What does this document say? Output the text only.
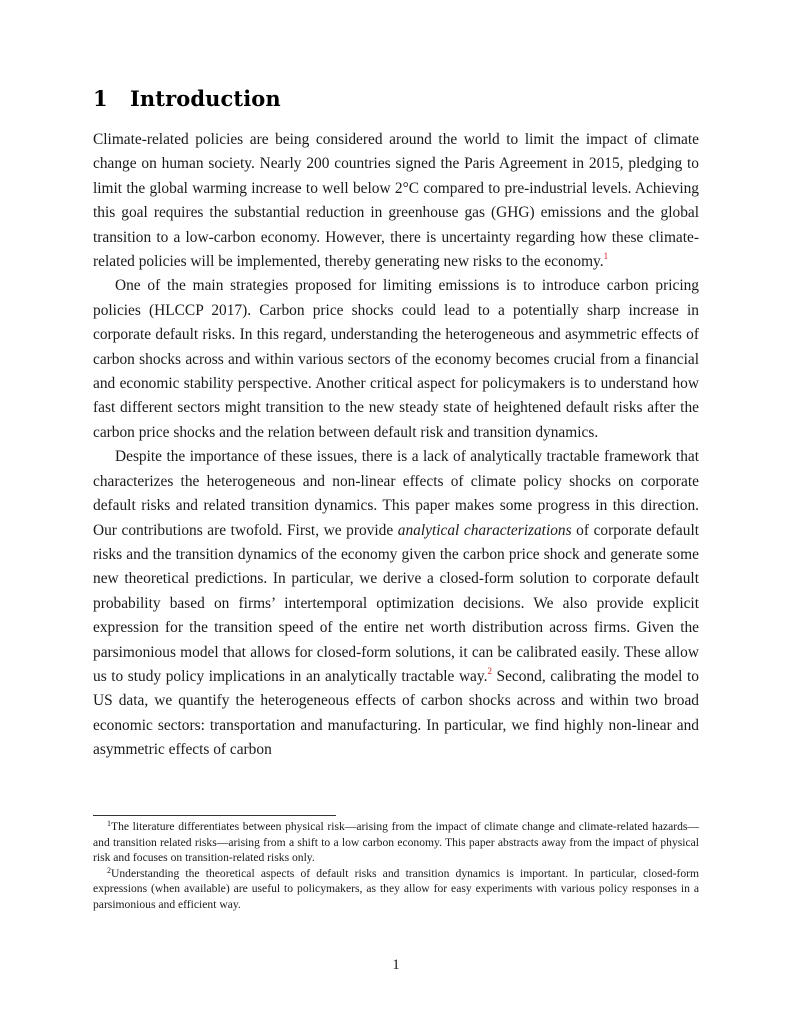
1 Introduction

Climate-related policies are being considered around the world to limit the impact of climate change on human society. Nearly 200 countries signed the Paris Agreement in 2015, pledging to limit the global warming increase to well below 2°C compared to pre-industrial levels. Achieving this goal requires the substantial reduction in greenhouse gas (GHG) emissions and the global transition to a low-carbon economy. However, there is uncertainty regarding how these climate-related policies will be implemented, thereby generating new risks to the economy.$^1$

One of the main strategies proposed for limiting emissions is to introduce carbon pricing policies (HLCCP 2017). Carbon price shocks could lead to a potentially sharp increase in corporate default risks. In this regard, understanding the heterogeneous and asymmetric effects of carbon shocks across and within various sectors of the economy becomes crucial from a financial and economic stability perspective. Another critical aspect for policymakers is to understand how fast different sectors might transition to the new steady state of heightened default risks after the carbon price shocks and the relation between default risk and transition dynamics.

Despite the importance of these issues, there is a lack of analytically tractable framework that characterizes the heterogeneous and non-linear effects of climate policy shocks on corporate default risks and related transition dynamics. This paper makes some progress in this direction. Our contributions are twofold. First, we provide analytical characterizations of corporate default risks and the transition dynamics of the economy given the carbon price shock and generate some new theoretical predictions. In particular, we derive a closed-form solution to corporate default probability based on firms’ intertemporal optimization decisions. We also provide explicit expression for the transition speed of the entire net worth distribution across firms. Given the parsimonious model that allows for closed-form solutions, it can be calibrated easily. These allow us to study policy implications in an analytically tractable way.$^2$ Second, calibrating the model to US data, we quantify the heterogeneous effects of carbon shocks across and within two broad economic sectors: transportation and manufacturing. In particular, we find highly non-linear and asymmetric effects of carbon

$^1$The literature differentiates between physical risk—arising from the impact of climate change and climate-related hazards—and transition related risks—arising from a shift to a low carbon economy. This paper abstracts away from the impact of physical risk and focuses on transition-related risks only.

$^2$Understanding the theoretical aspects of default risks and transition dynamics is important. In particular, closed-form expressions (when available) are useful to policymakers, as they allow for easy experiments with various policy responses in a parsimonious and efficient way.

1
